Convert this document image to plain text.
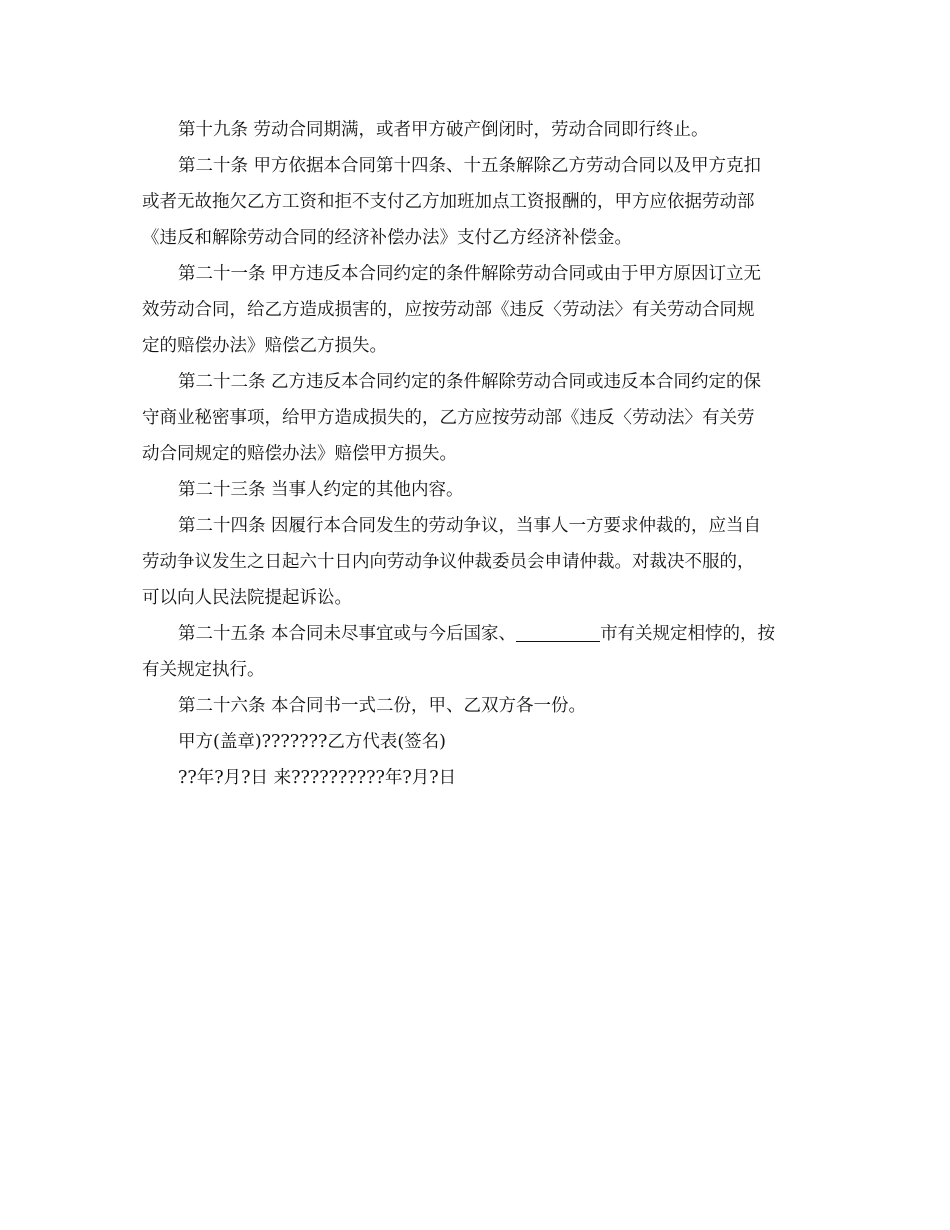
第十九条 劳动合同期满，或者甲方破产倒闭时，劳动合同即行终止。

第二十条 甲方依据本合同第十四条、十五条解除乙方劳动合同以及甲方克扣
或者无故拖欠乙方工资和拒不支付乙方加班加点工资报酬的，甲方应依据劳动部
《违反和解除劳动合同的经济补偿办法》支付乙方经济补偿金。

第二十一条 甲方违反本合同约定的条件解除劳动合同或由于甲方原因订立无
效劳动合同，给乙方造成损害的，应按劳动部《违反〈劳动法〉有关劳动合同规
定的赔偿办法》赔偿乙方损失。

第二十二条 乙方违反本合同约定的条件解除劳动合同或违反本合同约定的保
守商业秘密事项，给甲方造成损失的，乙方应按劳动部《违反〈劳动法〉有关劳
动合同规定的赔偿办法》赔偿甲方损失。

第二十三条 当事人约定的其他内容。

第二十四条 因履行本合同发生的劳动争议，当事人一方要求仲裁的，应当自
劳动争议发生之日起六十日内向劳动争议仲裁委员会申请仲裁。对裁决不服的，
可以向人民法院提起诉讼。

第二十五条 本合同未尽事宜或与今后国家、	市有关规定相悖的，按
有关规定执行。

第二十六条 本合同书一式二份，甲、乙双方各一份。

甲方(盖章)???????乙方代表(签名)

??年?月?日 来??????????年?月?日
